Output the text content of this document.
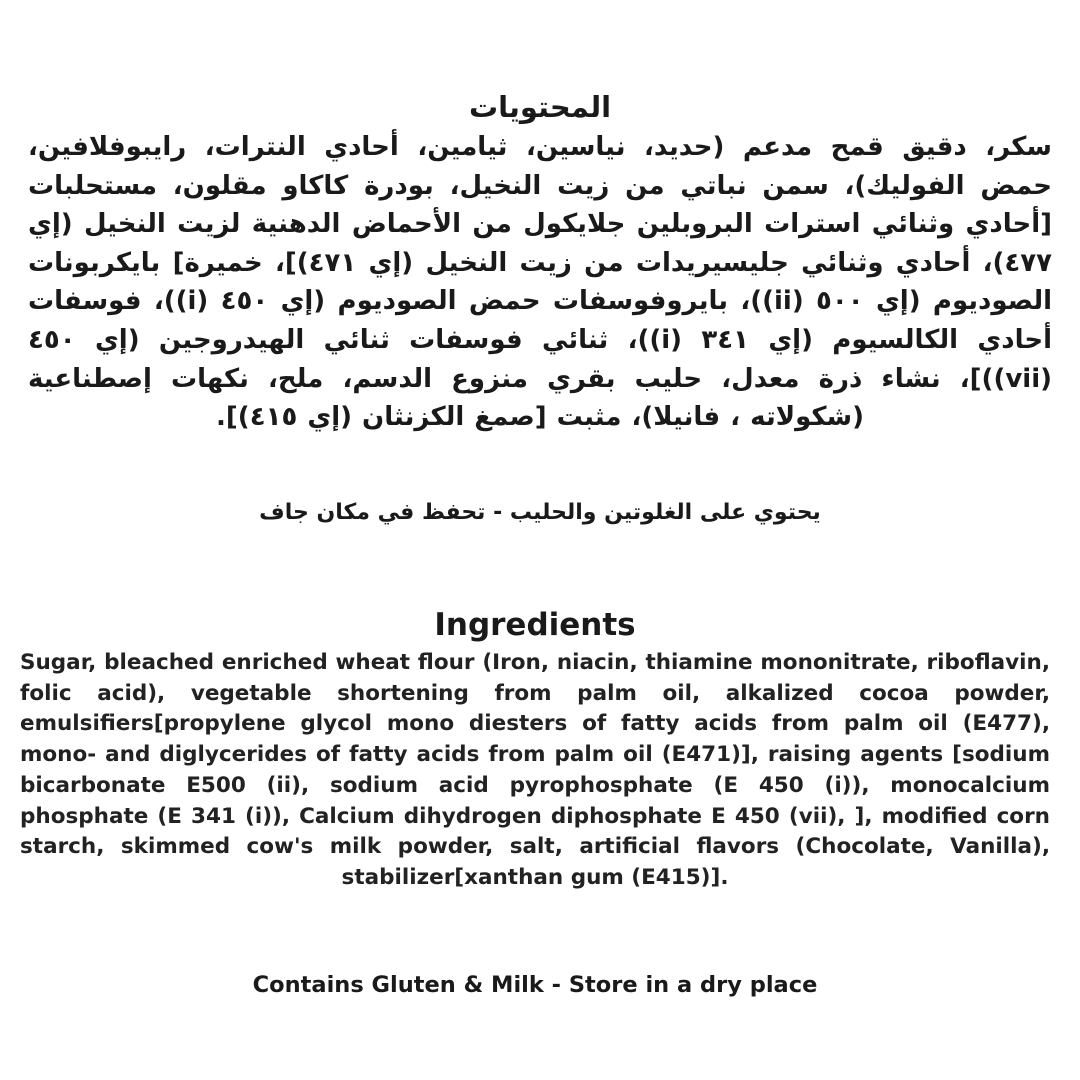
المحتويات

سكر، دقيق قمح مدعم (حديد، نياسين، ثيامين، أحادي النترات، رايبوفلافين، حمض الفوليك)، سمن نباتي من زيت النخيل، بودرة كاكاو مقلون، مستحلبات [أحادي وثنائي استرات البروبلين جلايكول من الأحماض الدهنية لزيت النخيل (إي ٤٧٧)، أحادي وثنائي جليسيريدات من زيت النخيل (إي ٤٧١)]، خميرة] بايكربونات الصوديوم (إي ٥٠٠ (ii))، بايروفوسفات حمض الصوديوم (إي ٤٥٠ (i))، فوسفات أحادي الكالسيوم (إي ٣٤١ (i))، ثنائي فوسفات ثنائي الهيدروجين (إي ٤٥٠ (vii))]، نشاء ذرة معدل، حليب بقري منزوع الدسم، ملح، نكهات إصطناعية (شكولاته ، فانيلا)، مثبت [صمغ الكزنثان (إي ٤١٥)].

يحتوي على الغلوتين والحليب - تحفظ في مكان جاف

Ingredients

Sugar, bleached enriched wheat flour (Iron, niacin, thiamine mononitrate, riboflavin, folic acid), vegetable shortening from palm oil, alkalized cocoa powder, emulsifiers[propylene glycol mono diesters of fatty acids from palm oil (E477), mono- and diglycerides of fatty acids from palm oil (E471)], raising agents [sodium bicarbonate E500 (ii), sodium acid pyrophosphate (E 450 (i)), monocalcium phosphate (E 341 (i)), Calcium dihydrogen diphosphate E 450 (vii), ], modified corn starch, skimmed cow's milk powder, salt, artificial flavors (Chocolate, Vanilla), stabilizer[xanthan gum (E415)].

Contains Gluten & Milk - Store in a dry place
